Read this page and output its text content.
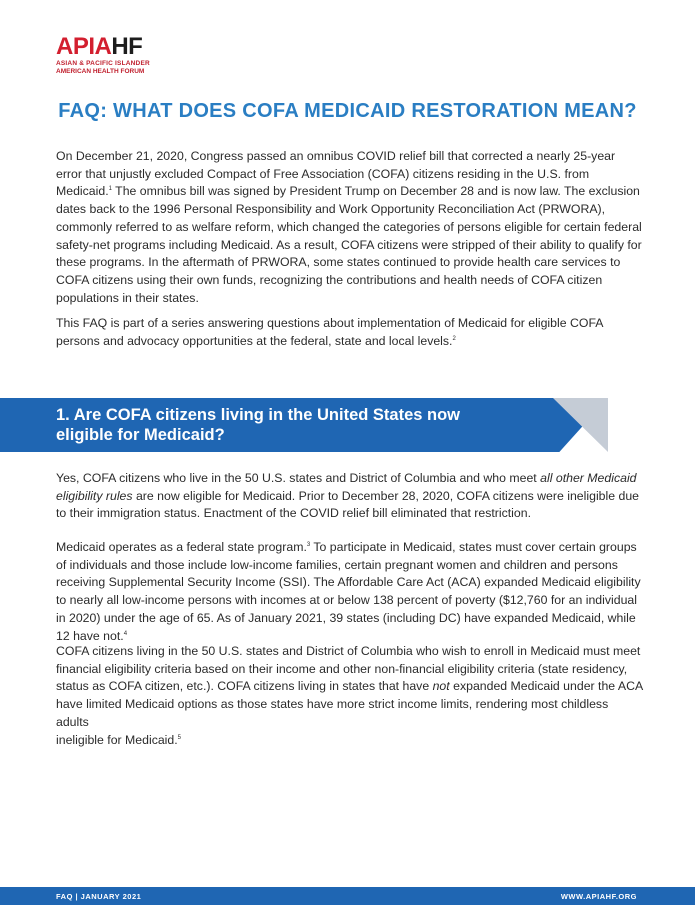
APIAHF
ASIAN & PACIFIC ISLANDER
AMERICAN HEALTH FORUM
FAQ: WHAT DOES COFA MEDICAID RESTORATION MEAN?

On December 21, 2020, Congress passed an omnibus COVID relief bill that corrected a nearly 25-year error that unjustly excluded Compact of Free Association (COFA) citizens residing in the U.S. from Medicaid.$^1$ The omnibus bill was signed by President Trump on December 28 and is now law. The exclusion dates back to the 1996 Personal Responsibility and Work Opportunity Reconciliation Act (PRWORA), commonly referred to as welfare reform, which changed the categories of persons eligible for certain federal safety-net programs including Medicaid. As a result, COFA citizens were stripped of their ability to qualify for these programs. In the aftermath of PRWORA, some states continued to provide health care services to COFA citizens using their own funds, recognizing the contributions and health needs of COFA citizen populations in their states.

This FAQ is part of a series answering questions about implementation of Medicaid for eligible COFA persons and advocacy opportunities at the federal, state and local levels.$^2$

1. Are COFA citizens living in the United States now
eligible for Medicaid?

Yes, COFA citizens who live in the 50 U.S. states and District of Columbia and who meet all other Medicaid eligibility rules are now eligible for Medicaid. Prior to December 28, 2020, COFA citizens were ineligible due to their immigration status. Enactment of the COVID relief bill eliminated that restriction.

Medicaid operates as a federal state program.$^3$ To participate in Medicaid, states must cover certain groups of individuals and those include low-income families, certain pregnant women and children and persons receiving Supplemental Security Income (SSI). The Affordable Care Act (ACA) expanded Medicaid eligibility to nearly all low-income persons with incomes at or below 138 percent of poverty ($12,760 for an individual in 2020) under the age of 65. As of January 2021, 39 states (including DC) have expanded Medicaid, while 12 have not.$^4$

COFA citizens living in the 50 U.S. states and District of Columbia who wish to enroll in Medicaid must meet financial eligibility criteria based on their income and other non-financial eligibility criteria (state residency, status as COFA citizen, etc.). COFA citizens living in states that have not expanded Medicaid under the ACA have limited Medicaid options as those states have more strict income limits, rendering most childless adults
ineligible for Medicaid.$^5$

FAQ | JANUARY 2021	WWW.APIAHF.ORG
